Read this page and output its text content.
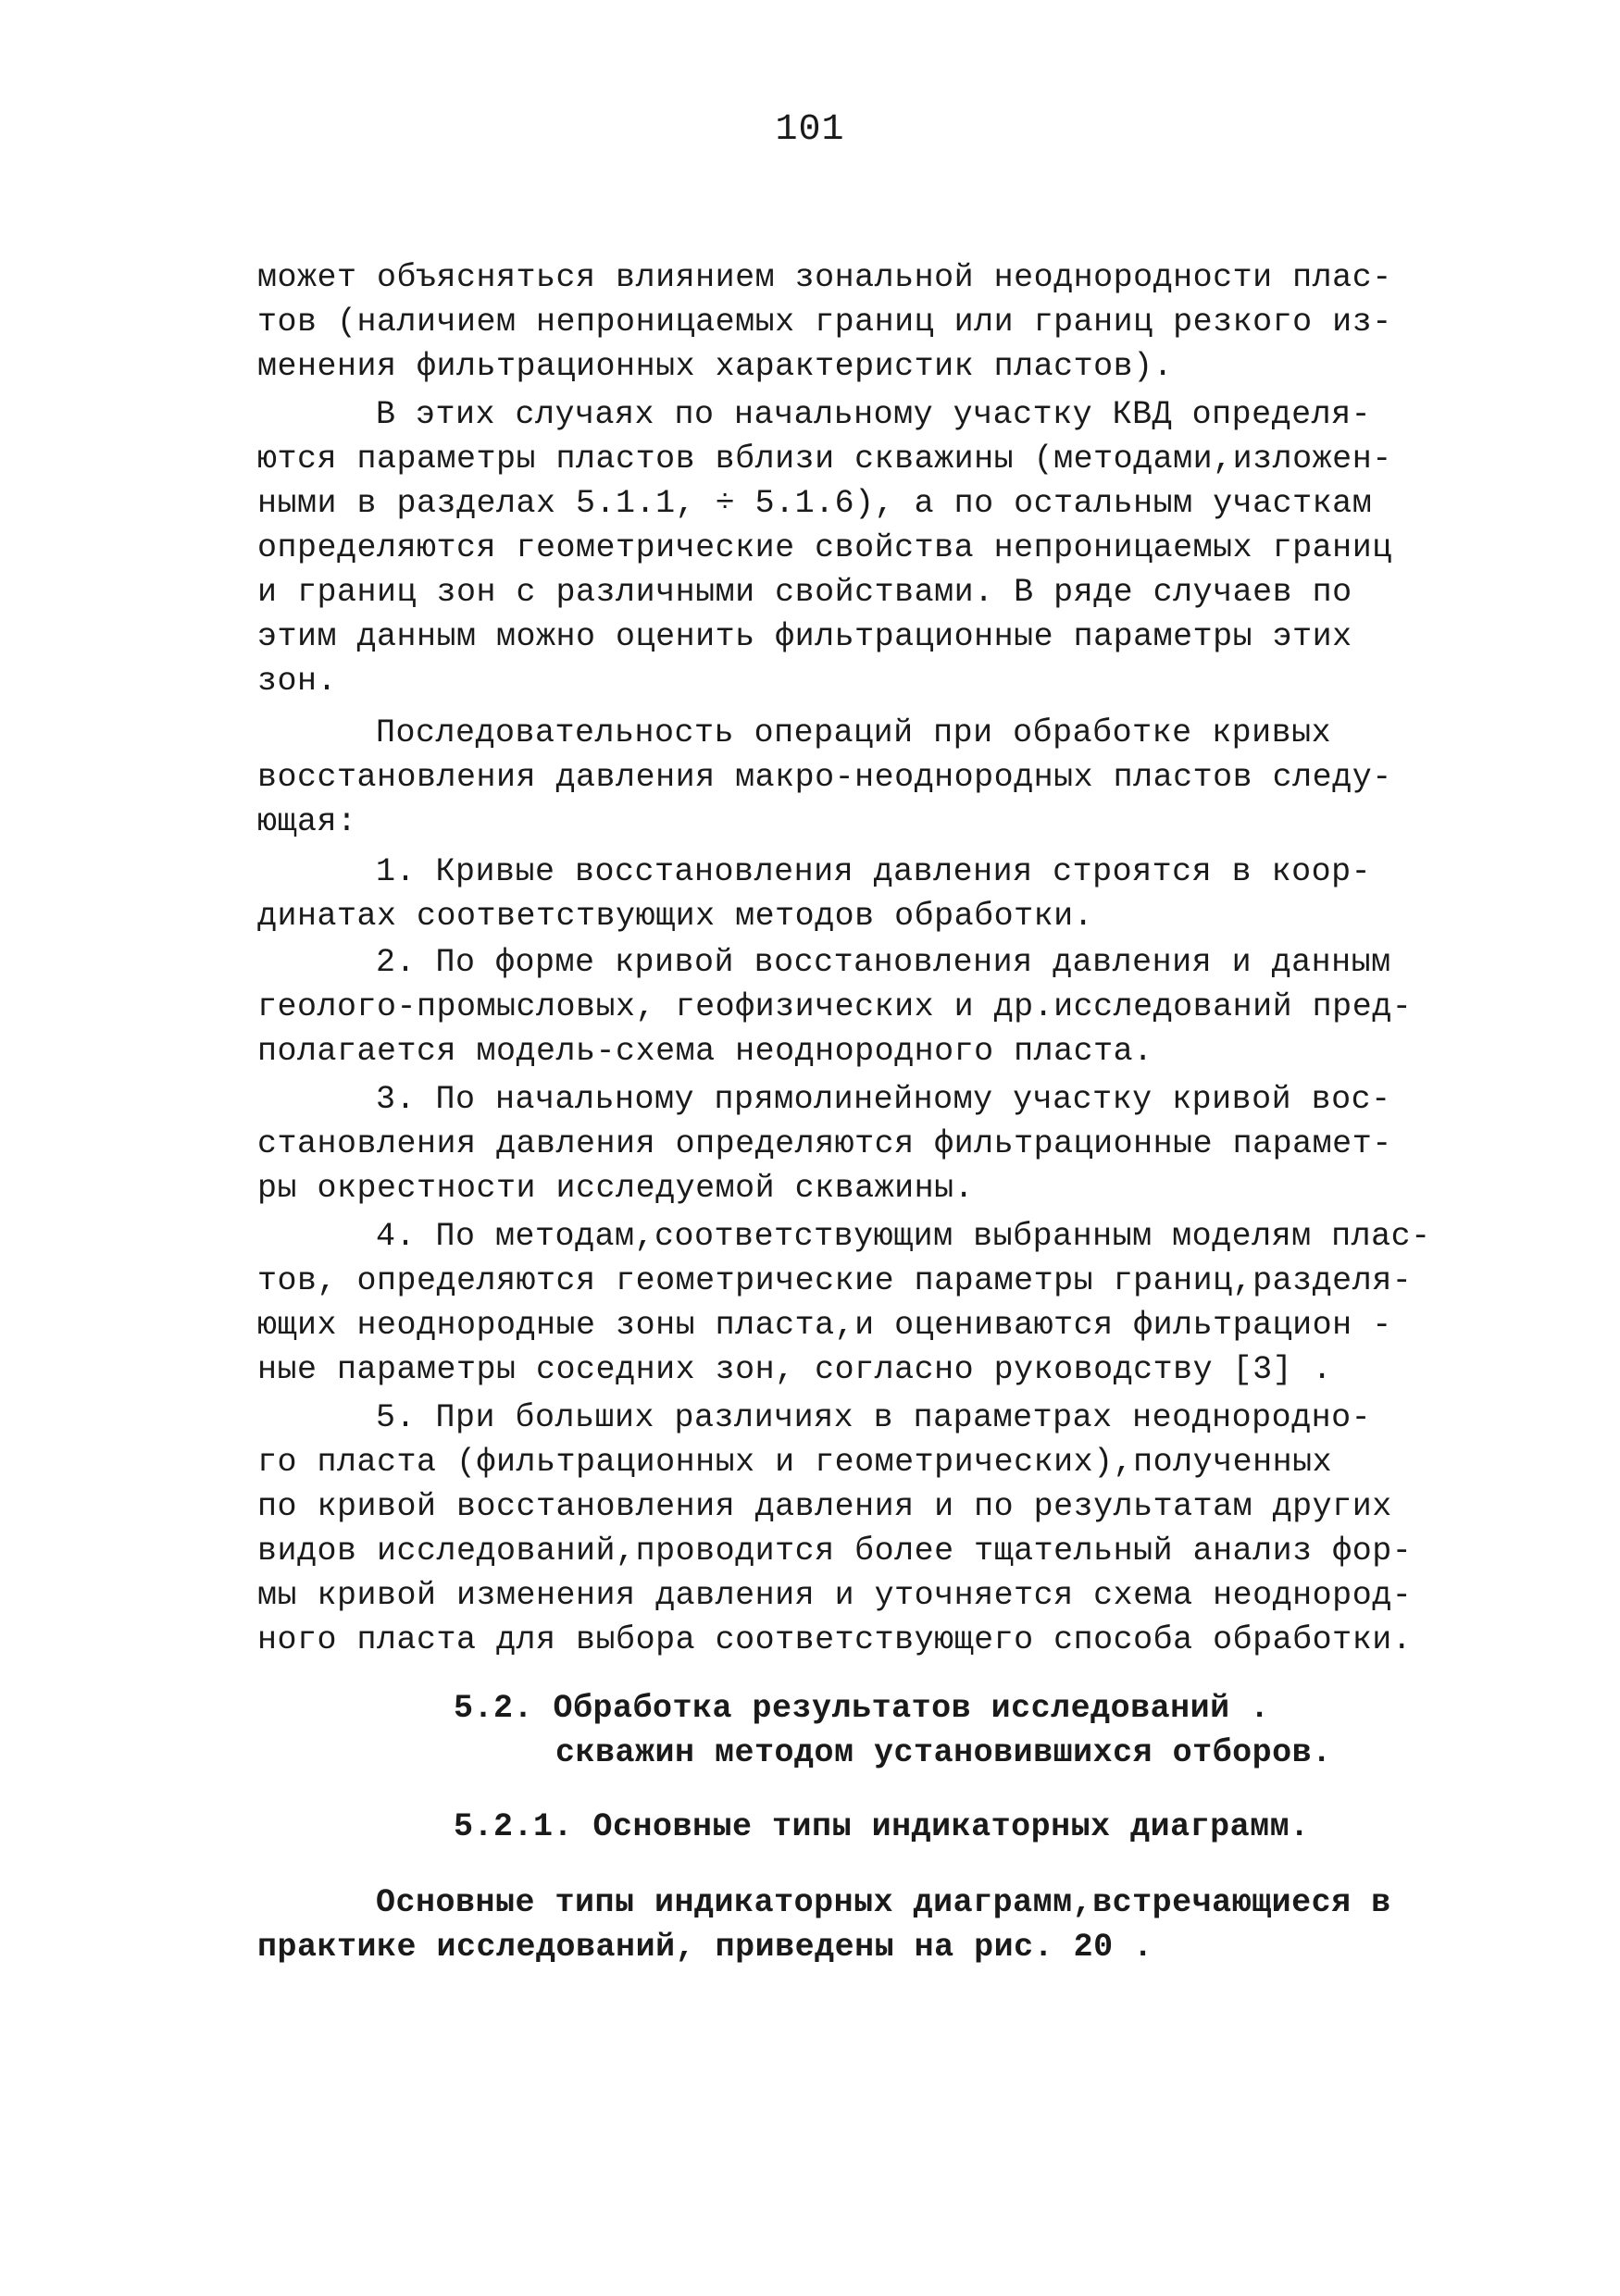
101
может объясняться влиянием зональной неоднородности плас-
тов (наличием непроницаемых границ или границ резкого из-
менения фильтрационных характеристик пластов).
В этих случаях по начальному участку КВД определя-
ются параметры пластов вблизи скважины (методами,изложен-
ными в разделах 5.1.1, ÷ 5.1.6), а по остальным участкам
определяются геометрические свойства непроницаемых границ
и границ зон с различными свойствами. В ряде случаев по
этим данным можно оценить фильтрационные параметры этих
зон.
Последовательность операций при обработке кривых
восстановления давления макро-неоднородных пластов следу-
ющая:
1. Кривые восстановления давления строятся в коор-
динатах соответствующих методов обработки.
2. По форме кривой восстановления давления и данным
геолого-промысловых, геофизических и др.исследований пред-
полагается модель-схема неоднородного пласта.
3. По начальному прямолинейному участку кривой вос-
становления давления определяются фильтрационные парамет-
ры окрестности исследуемой скважины.
4. По методам,соответствующим выбранным моделям плас-
тов, определяются геометрические параметры границ,разделя-
ющих неоднородные зоны пласта,и оцениваются фильтрацион -
ные параметры соседних зон, согласно руководству [3] .
5. При больших различиях в параметрах неоднородно-
го пласта (фильтрационных и геометрических),полученных
по кривой восстановления давления и по результатам других
видов исследований,проводится более тщательный анализ фор-
мы кривой изменения давления и уточняется схема неоднород-
ного пласта для выбора соответствующего способа обработки.
5.2. Обработка результатов исследований .
скважин методом установившихся отборов.
5.2.1. Основные типы индикаторных диаграмм.
Основные типы индикаторных диаграмм,встречающиеся в
практике исследований, приведены на рис. 20 .
